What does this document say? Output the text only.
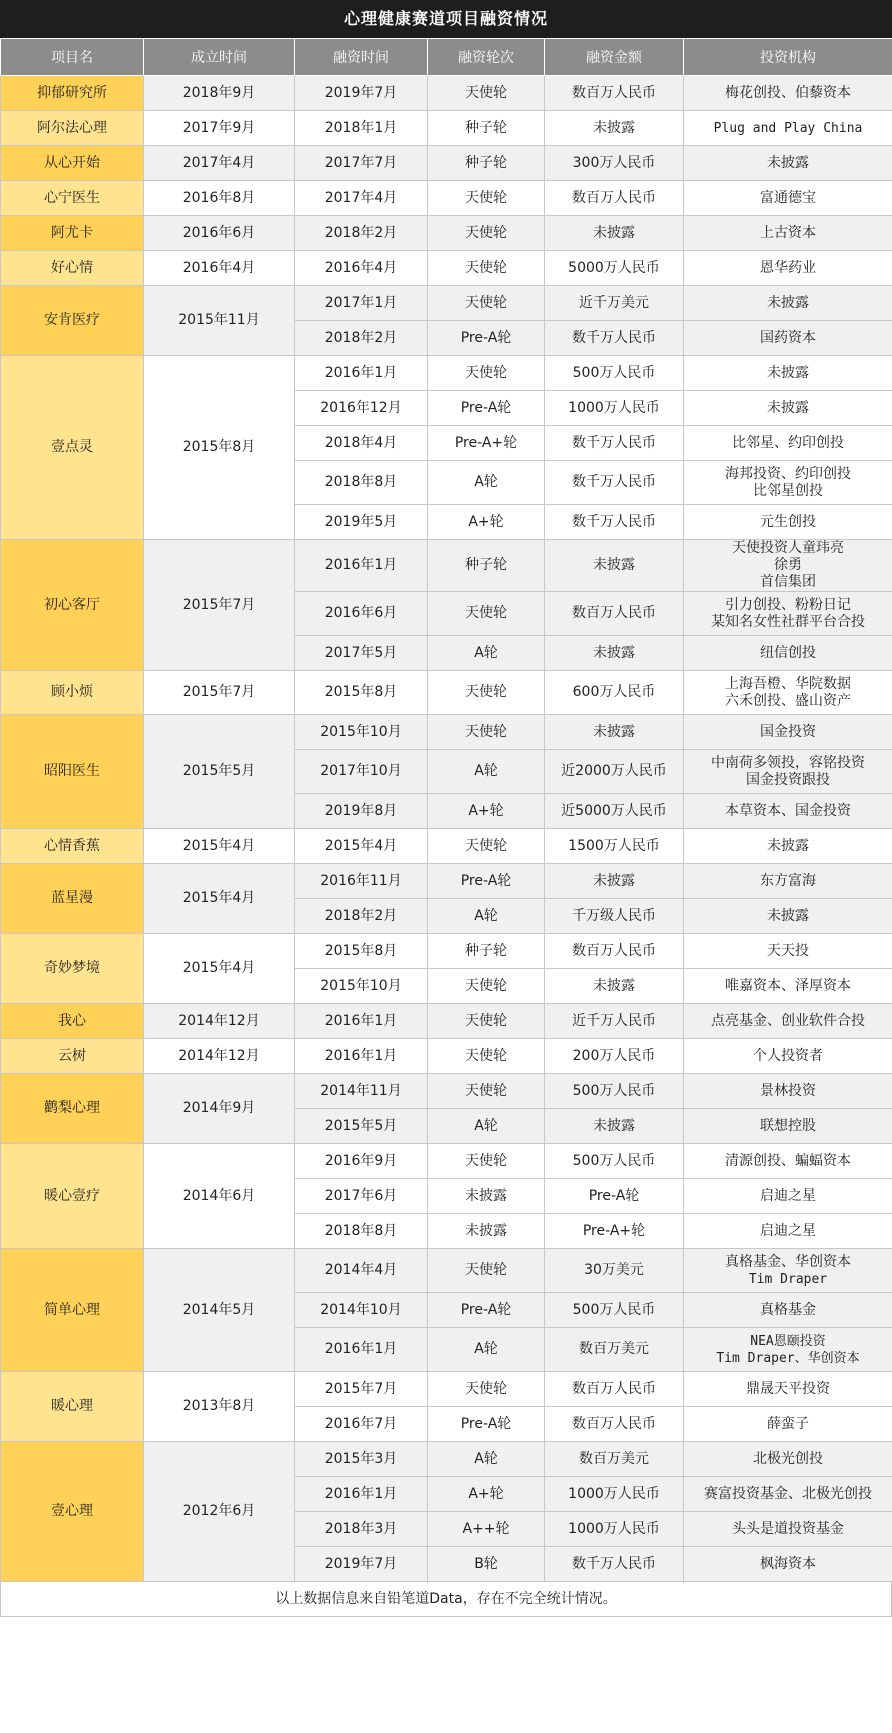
心理健康赛道项目融资情况
项目名	成立时间	融资时间	融资轮次	融资金额	投资机构
抑郁研究所	2018年9月	2019年7月	天使轮	数百万人民币	梅花创投、伯藜资本

阿尔法心理	2017年9月	2018年1月	种子轮	未披露	Plug and Play China

从心开始	2017年4月	2017年7月	种子轮	300万人民币	未披露

心宁医生	2016年8月	2017年4月	天使轮	数百万人民币	富通德宝

阿尤卡	2016年6月	2018年2月	天使轮	未披露	上古资本

好心情	2016年4月	2016年4月	天使轮	5000万人民币	恩华药业

安肯医疗	2015年11月	2017年1月	天使轮	近千万美元	未披露

		2018年2月	Pre-A轮	数千万人民币	国药资本

壹点灵	2015年8月	2016年1月	天使轮	500万人民币	未披露

		2016年12月	Pre-A轮	1000万人民币	未披露

		2018年4月	Pre-A+轮	数千万人民币	比邻星、约印创投

		2018年8月	A轮	数千万人民币	海邦投资、约印创投
比邻星创投

		2019年5月	A+轮	数千万人民币	元生创投

初心客厅	2015年7月	2016年1月	种子轮	未披露	天使投资人童玮亮
徐勇
首信集团

		2016年6月	天使轮	数百万人民币	引力创投、粉粉日记
某知名女性社群平台合投

		2017年5月	A轮	未披露	纽信创投

顾小烦	2015年7月	2015年8月	天使轮	600万人民币	上海吾橙、华院数据
六禾创投、盛山资产

昭阳医生	2015年5月	2015年10月	天使轮	未披露	国金投资

		2017年10月	A轮	近2000万人民币	中南荷多领投，容铭投资
国金投资跟投

		2019年8月	A+轮	近5000万人民币	本草资本、国金投资

心情香蕉	2015年4月	2015年4月	天使轮	1500万人民币	未披露

蓝星漫	2015年4月	2016年11月	Pre-A轮	未披露	东方富海

		2018年2月	A轮	千万级人民币	未披露

奇妙梦境	2015年4月	2015年8月	种子轮	数百万人民币	天天投

		2015年10月	天使轮	未披露	唯嘉资本、泽厚资本

我心	2014年12月	2016年1月	天使轮	近千万人民币	点亮基金、创业软件合投

云树	2014年12月	2016年1月	天使轮	200万人民币	个人投资者

鹳梨心理	2014年9月	2014年11月	天使轮	500万人民币	景林投资

		2015年5月	A轮	未披露	联想控股

暖心壹疗	2014年6月	2016年9月	天使轮	500万人民币	清源创投、蝙蝠资本

		2017年6月	未披露	Pre-A轮	启迪之星

		2018年8月	未披露	Pre-A+轮	启迪之星

简单心理	2014年5月	2014年4月	天使轮	30万美元	真格基金、华创资本
Tim Draper

		2014年10月	Pre-A轮	500万人民币	真格基金

		2016年1月	A轮	数百万美元	NEA恩颐投资
Tim Draper、华创资本

暖心理	2013年8月	2015年7月	天使轮	数百万人民币	鼎晟天平投资

		2016年7月	Pre-A轮	数百万人民币	薛蛮子

壹心理	2012年6月	2015年3月	A轮	数百万美元	北极光创投

		2016年1月	A+轮	1000万人民币	赛富投资基金、北极光创投

		2018年3月	A++轮	1000万人民币	头头是道投资基金

		2019年7月	B轮	数千万人民币	枫海资本
以上数据信息来自铅笔道Data，存在不完全统计情况。
